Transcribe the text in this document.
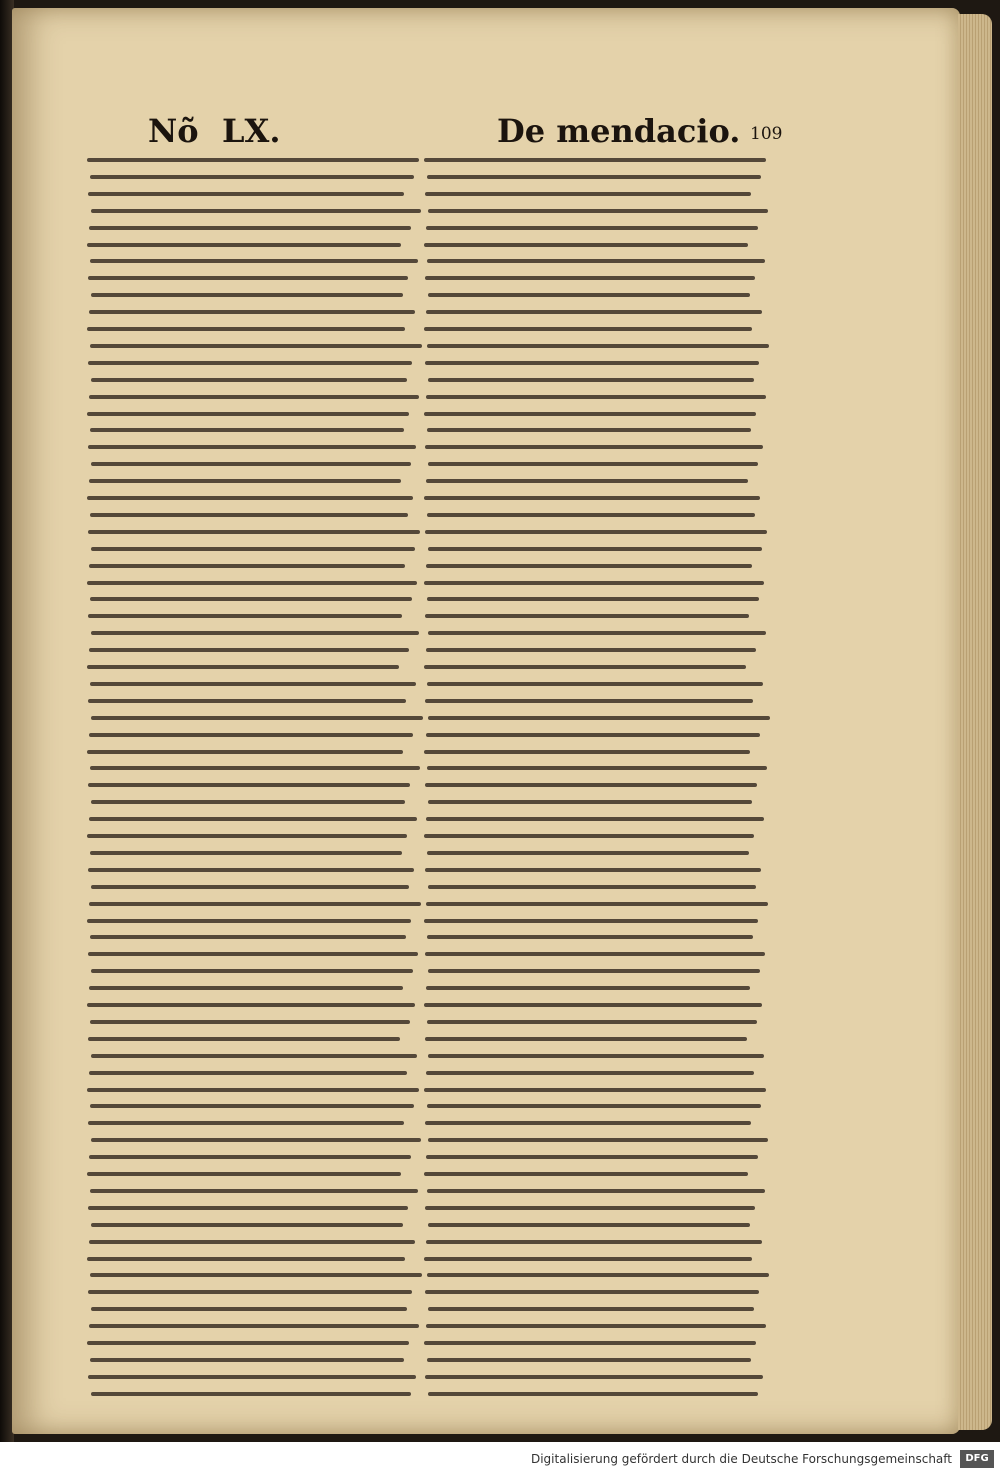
Nõ LX.	De mendacio. 109
Digitalisierung gefördert durch die Deutsche Forschungsgemeinschaft	DFG
